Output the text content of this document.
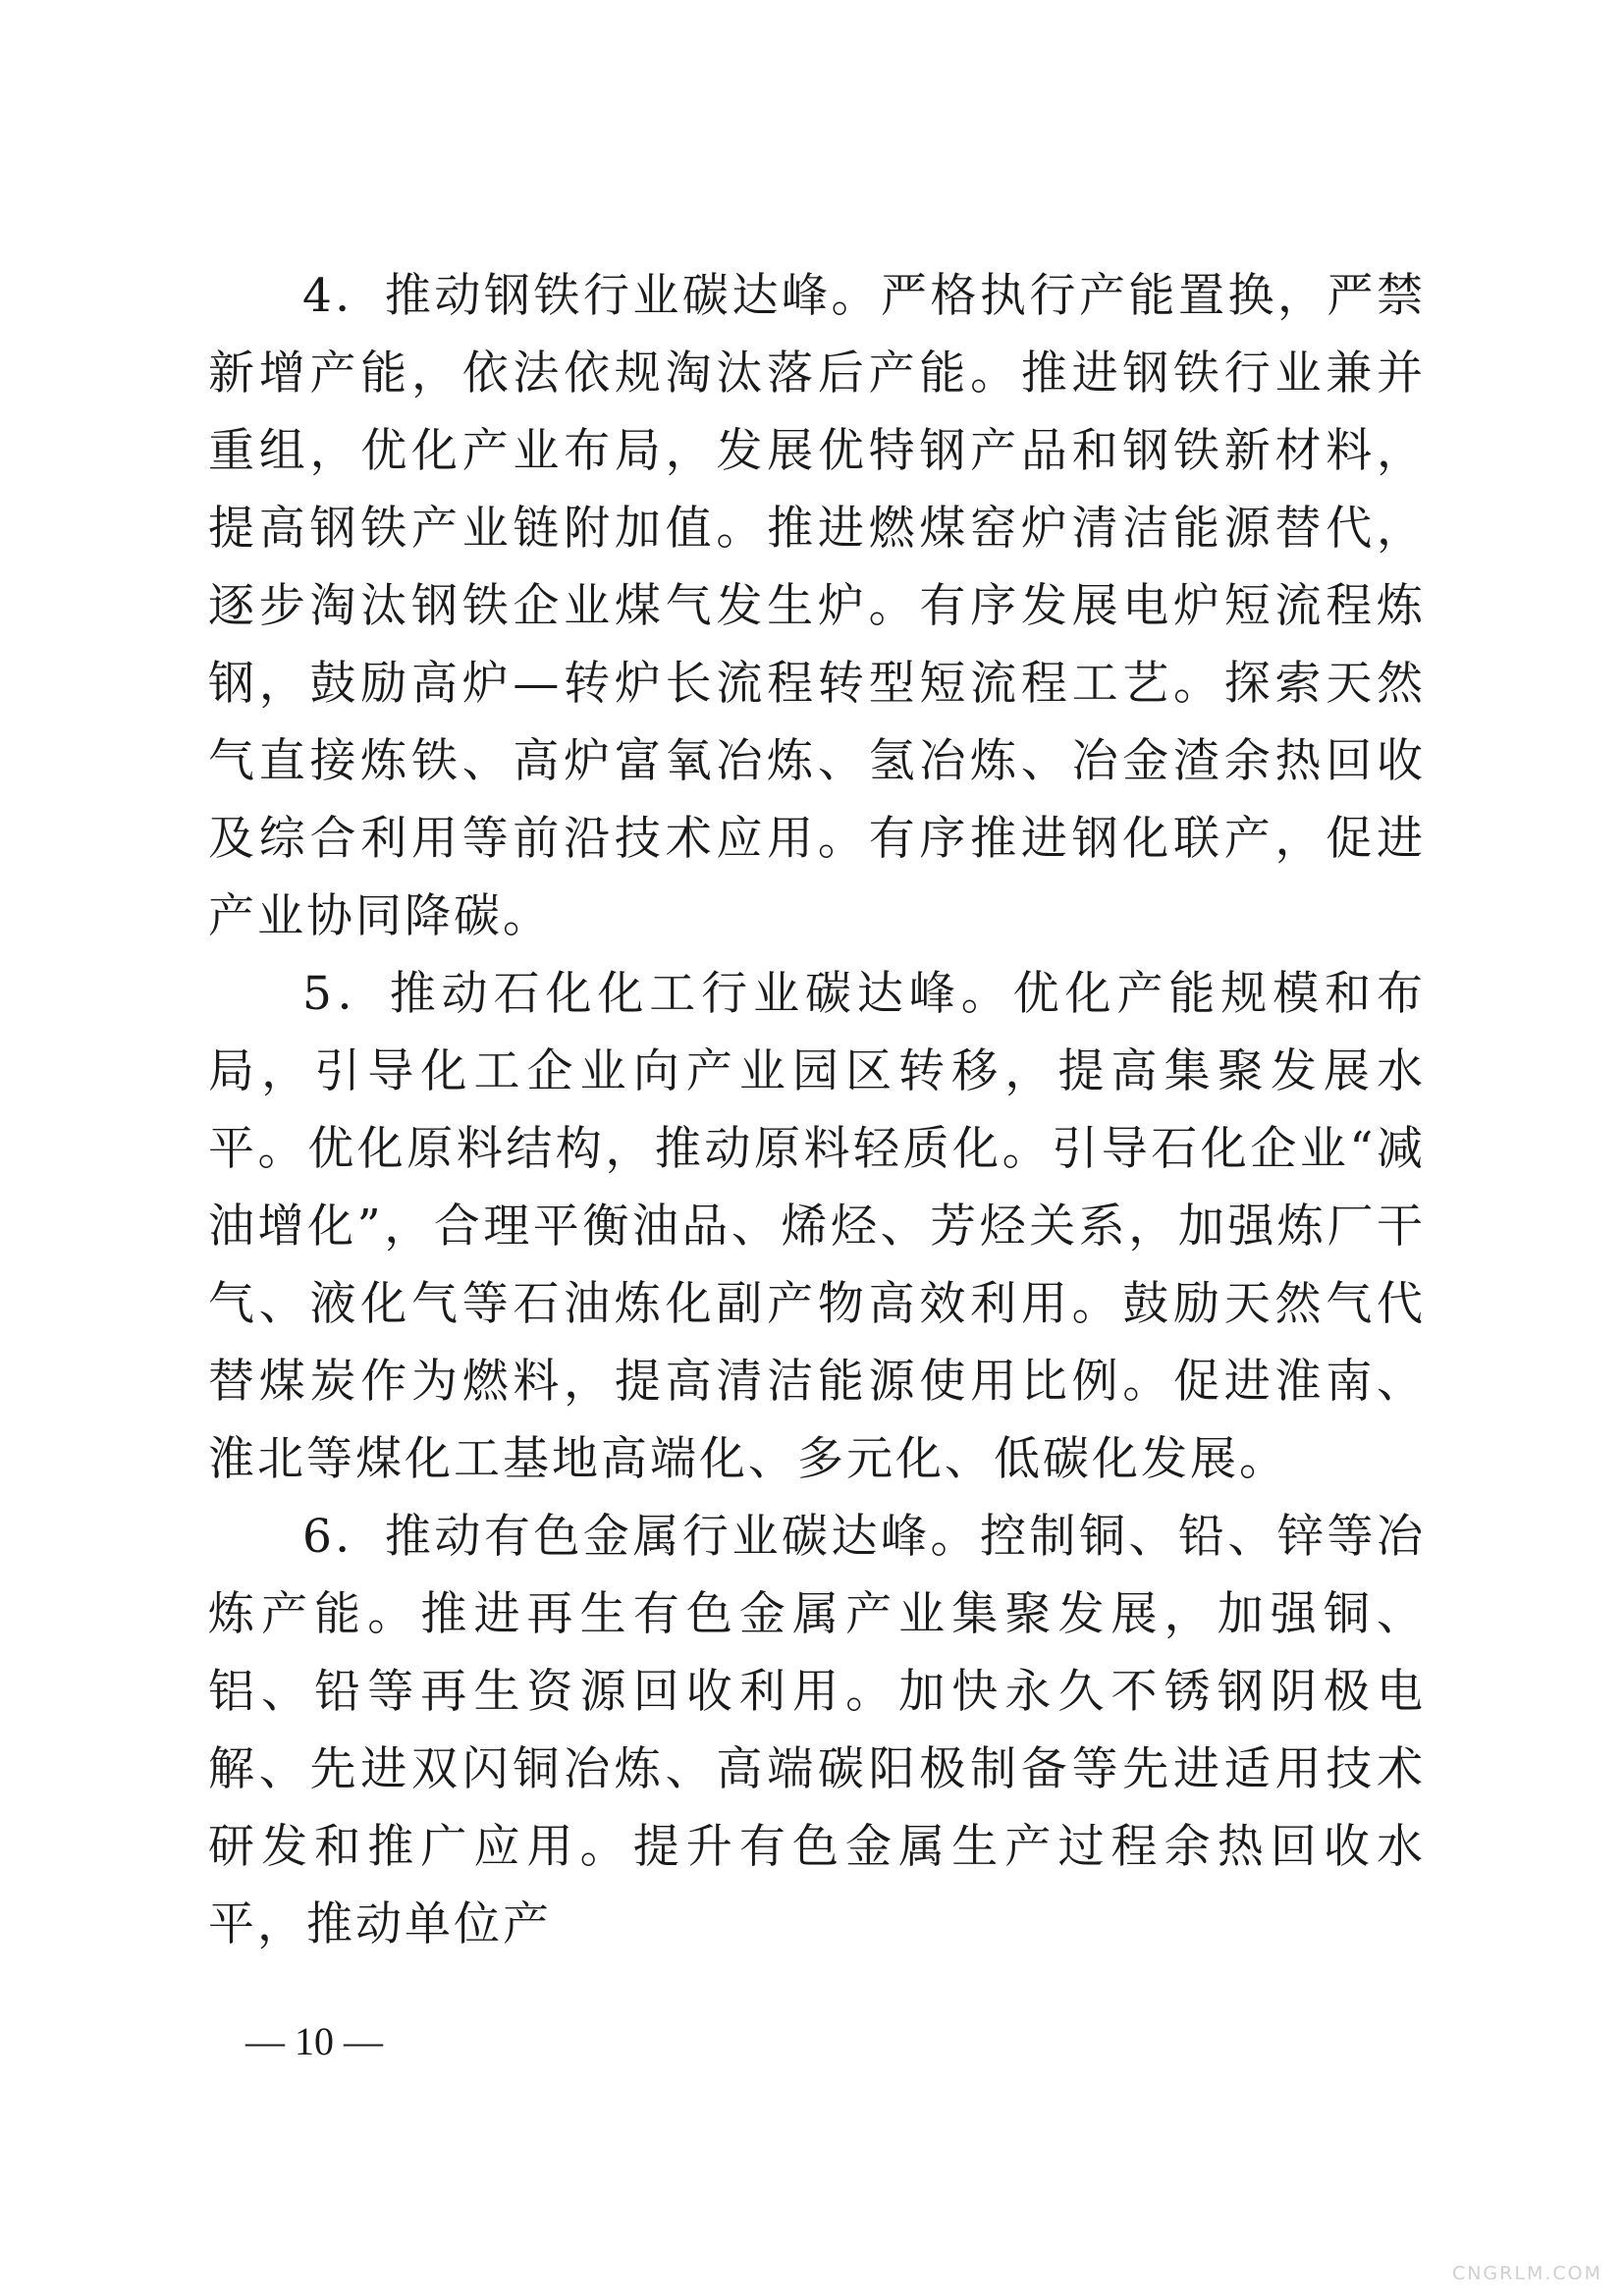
4．推动钢铁行业碳达峰。严格执行产能置换，严禁新增产能，依法依规淘汰落后产能。推进钢铁行业兼并重组，优化产业布局，发展优特钢产品和钢铁新材料，提高钢铁产业链附加值。推进燃煤窑炉清洁能源替代，逐步淘汰钢铁企业煤气发生炉。有序发展电炉短流程炼钢，鼓励高炉—转炉长流程转型短流程工艺。探索天然气直接炼铁、高炉富氧冶炼、氢冶炼、冶金渣余热回收及综合利用等前沿技术应用。有序推进钢化联产，促进产业协同降碳。

5．推动石化化工行业碳达峰。优化产能规模和布局，引导化工企业向产业园区转移，提高集聚发展水平。优化原料结构，推动原料轻质化。引导石化企业“减油增化”，合理平衡油品、烯烃、芳烃关系，加强炼厂干气、液化气等石油炼化副产物高效利用。鼓励天然气代替煤炭作为燃料，提高清洁能源使用比例。促进淮南、淮北等煤化工基地高端化、多元化、低碳化发展。

6．推动有色金属行业碳达峰。控制铜、铅、锌等冶炼产能。推进再生有色金属产业集聚发展，加强铜、铝、铅等再生资源回收利用。加快永久不锈钢阴极电解、先进双闪铜冶炼、高端碳阳极制备等先进适用技术研发和推广应用。提升有色金属生产过程余热回收水平，推动单位产

— 10 —
CNGRLM.COM
